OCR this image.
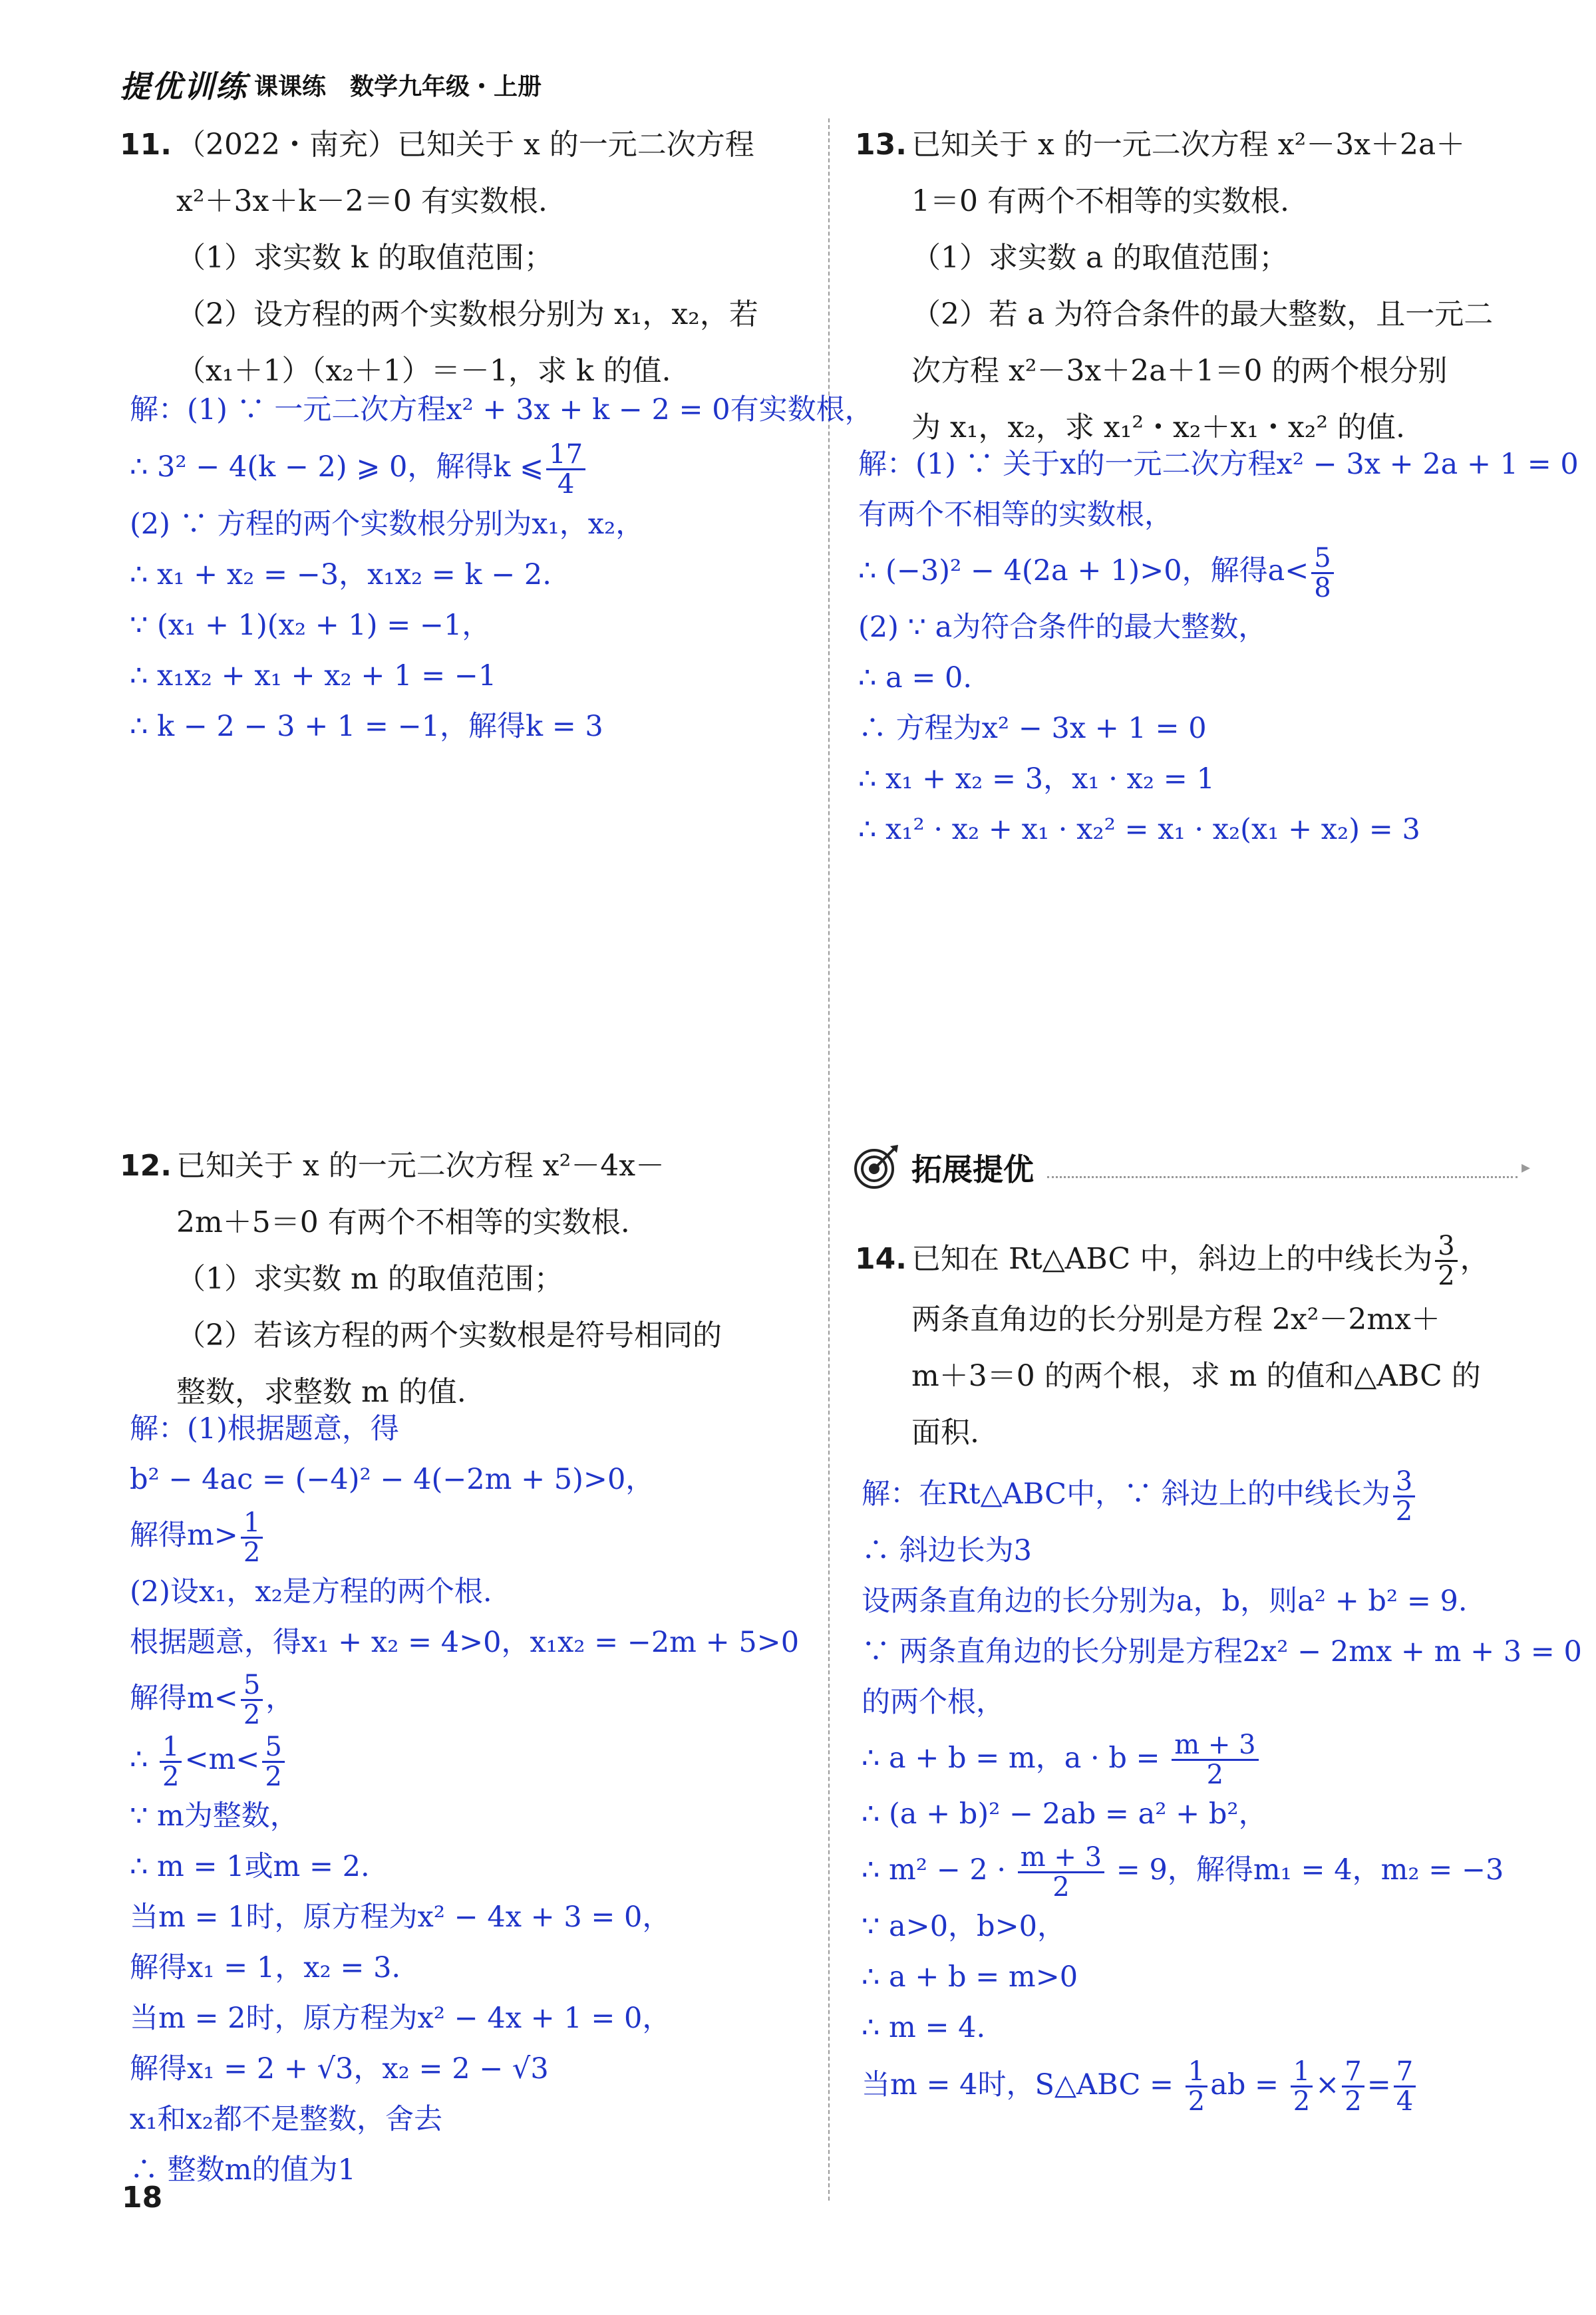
提优训练 课课练 数学九年级・上册
11. （2022・南充）已知关于 x 的一元二次方程
x²＋3x＋k－2＝0 有实数根.
（1）求实数 k 的取值范围；
（2）设方程的两个实数根分别为 x₁，x₂，若
（x₁＋1）（x₂＋1）＝－1，求 k 的值.
解：(1) ∵ 一元二次方程x² + 3x + k − 2 = 0有实数根，
∴ 3² − 4(k − 2) ⩾ 0，解得k ⩽ $\frac{17}{4}$
(2) ∵ 方程的两个实数根分别为x₁，x₂，
∴ x₁ + x₂ = −3，x₁x₂ = k − 2.
∵ (x₁ + 1)(x₂ + 1) = −1，
∴ x₁x₂ + x₁ + x₂ + 1 = −1
∴ k − 2 − 3 + 1 = −1，解得k = 3
12. 已知关于 x 的一元二次方程 x²－4x－
2m＋5＝0 有两个不相等的实数根.
（1）求实数 m 的取值范围；
（2）若该方程的两个实数根是符号相同的
整数，求整数 m 的值.
解：(1)根据题意，得
b² − 4ac = (−4)² − 4(−2m + 5)>0，
解得$m> \frac{1}{2}$
(2)设x₁，x₂是方程的两个根.
根据题意，得x₁ + x₂ = 4>0，x₁x₂ = −2m + 5>0
解得$m< \frac{5}{2}$ ，
∴ $\frac{1}{2} <m< \frac{5}{2}$
∵ m为整数，
∴ m = 1或m = 2.
当m = 1时，原方程为x² − 4x + 3 = 0，
解得x₁ = 1，x₂ = 3.
当m = 2时，原方程为x² − 4x + 1 = 0，
解得x₁ = 2 + √3，x₂ = 2 − √3
x₁和x₂都不是整数，舍去
∴ 整数m的值为1
13. 已知关于 x 的一元二次方程 x²－3x＋2a＋
1＝0 有两个不相等的实数根.
（1）求实数 a 的取值范围；
（2）若 a 为符合条件的最大整数，且一元二
次方程 x²－3x＋2a＋1＝0 的两个根分别
为 x₁，x₂，求 x₁²・x₂＋x₁・x₂² 的值.
解：(1) ∵ 关于x的一元二次方程x² − 3x + 2a + 1 = 0
有两个不相等的实数根，
∴ (−3)² − 4(2a + 1)>0，解得$a< \frac{5}{8}$
(2) ∵ a为符合条件的最大整数，
∴ a = 0.
∴ 方程为x² − 3x + 1 = 0
∴ x₁ + x₂ = 3，x₁ · x₂ = 1
∴ x₁² · x₂ + x₁ · x₂² = x₁ · x₂(x₁ + x₂) = 3
拓展提优	▸
14. 已知在 Rt△ABC 中，斜边上的中线长为 $\frac{3}{2}$ ，
两条直角边的长分别是方程 2x²－2mx＋
m＋3＝0 的两个根，求 m 的值和△ABC 的
面积.
解：在Rt△ABC中，∵ 斜边上的中线长为 $\frac{3}{2}$
∴ 斜边长为3
设两条直角边的长分别为a，b，则a² + b² = 9.
∵ 两条直角边的长分别是方程2x² − 2mx + m + 3 = 0
的两个根，
∴ a + b = m，$a \cdot b = \frac{m + 3}{2}$
∴ (a + b)² − 2ab = a² + b²，
∴ $m^2 - 2 \cdot \frac{m + 3}{2} = 9$，解得m₁ = 4，m₂ = −3
∵ a>0，b>0，
∴ a + b = m>0
∴ m = 4.
当m = 4时，S△ABC = $\frac{1}{2}$ ab = $\frac{1}{2} \times \frac{7}{2} = \frac{7}{4}$
18
